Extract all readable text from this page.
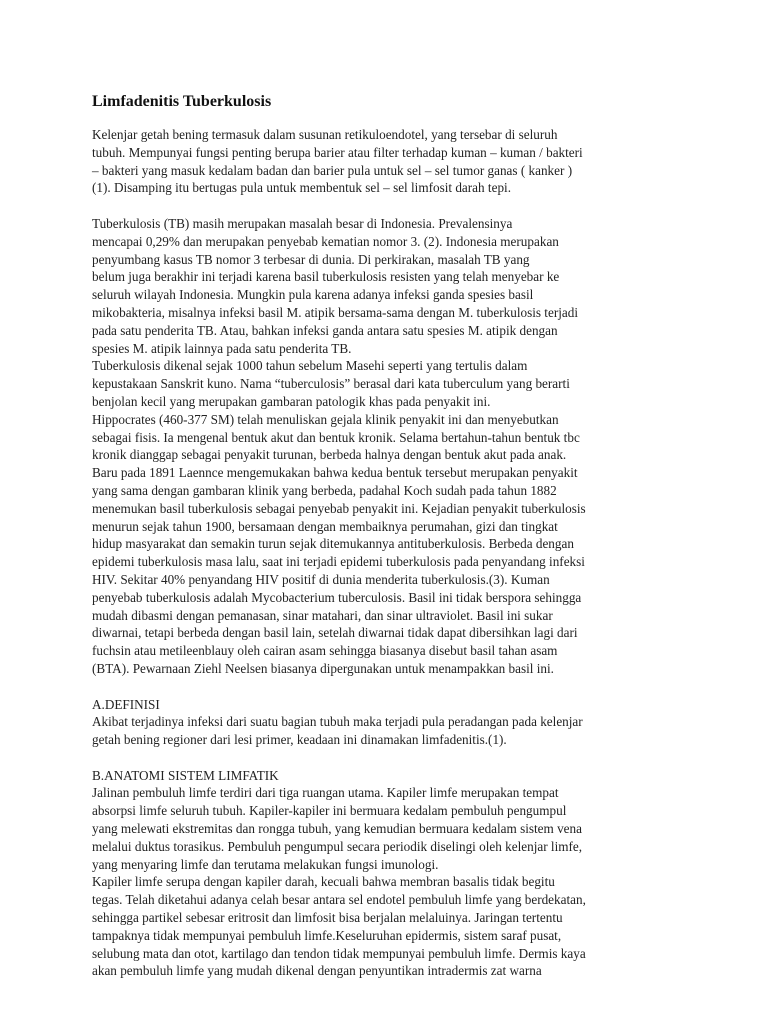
Limfadenitis Tuberkulosis
Kelenjar getah bening termasuk dalam susunan retikuloendotel, yang tersebar di seluruh
tubuh. Mempunyai fungsi penting berupa barier atau filter terhadap kuman – kuman / bakteri
– bakteri yang masuk kedalam badan dan barier pula untuk sel – sel tumor ganas ( kanker )
(1). Disamping itu bertugas pula untuk membentuk sel – sel limfosit darah tepi.
Tuberkulosis (TB) masih merupakan masalah besar di Indonesia. Prevalensinya
mencapai 0,29% dan merupakan penyebab kematian nomor 3. (2). Indonesia merupakan
penyumbang kasus TB nomor 3 terbesar di dunia. Di perkirakan, masalah TB yang
belum juga berakhir ini terjadi karena basil tuberkulosis resisten yang telah menyebar ke
seluruh wilayah Indonesia. Mungkin pula karena adanya infeksi ganda spesies basil
mikobakteria, misalnya infeksi basil M. atipik bersama-sama dengan M. tuberkulosis terjadi
pada satu penderita TB. Atau, bahkan infeksi ganda antara satu spesies M. atipik dengan
spesies M. atipik lainnya pada satu penderita TB.
Tuberkulosis dikenal sejak 1000 tahun sebelum Masehi seperti yang tertulis dalam
kepustakaan Sanskrit kuno. Nama “tuberculosis” berasal dari kata tuberculum yang berarti
benjolan kecil yang merupakan gambaran patologik khas pada penyakit ini.
Hippocrates (460-377 SM) telah menuliskan gejala klinik penyakit ini dan menyebutkan
sebagai fisis. Ia mengenal bentuk akut dan bentuk kronik. Selama bertahun-tahun bentuk tbc
kronik dianggap sebagai penyakit turunan, berbeda halnya dengan bentuk akut pada anak.
Baru pada 1891 Laennce mengemukakan bahwa kedua bentuk tersebut merupakan penyakit
yang sama dengan gambaran klinik yang berbeda, padahal Koch sudah pada tahun 1882
menemukan basil tuberkulosis sebagai penyebab penyakit ini. Kejadian penyakit tuberkulosis
menurun sejak tahun 1900, bersamaan dengan membaiknya perumahan, gizi dan tingkat
hidup masyarakat dan semakin turun sejak ditemukannya antituberkulosis. Berbeda dengan
epidemi tuberkulosis masa lalu, saat ini terjadi epidemi tuberkulosis pada penyandang infeksi
HIV. Sekitar 40% penyandang HIV positif di dunia menderita tuberkulosis.(3). Kuman
penyebab tuberkulosis adalah Mycobacterium tuberculosis. Basil ini tidak berspora sehingga
mudah dibasmi dengan pemanasan, sinar matahari, dan sinar ultraviolet. Basil ini sukar
diwarnai, tetapi berbeda dengan basil lain, setelah diwarnai tidak dapat dibersihkan lagi dari
fuchsin atau metileenblauy oleh cairan asam sehingga biasanya disebut basil tahan asam
(BTA). Pewarnaan Ziehl Neelsen biasanya dipergunakan untuk menampakkan basil ini.
A.DEFINISI
Akibat terjadinya infeksi dari suatu bagian tubuh maka terjadi pula peradangan pada kelenjar
getah bening regioner dari lesi primer, keadaan ini dinamakan limfadenitis.(1).
B.ANATOMI SISTEM LIMFATIK
Jalinan pembuluh limfe terdiri dari tiga ruangan utama. Kapiler limfe merupakan tempat
absorpsi limfe seluruh tubuh. Kapiler-kapiler ini bermuara kedalam pembuluh pengumpul
yang melewati ekstremitas dan rongga tubuh, yang kemudian bermuara kedalam sistem vena
melalui duktus torasikus. Pembuluh pengumpul secara periodik diselingi oleh kelenjar limfe,
yang menyaring limfe dan terutama melakukan fungsi imunologi.
Kapiler limfe serupa dengan kapiler darah, kecuali bahwa membran basalis tidak begitu
tegas. Telah diketahui adanya celah besar antara sel endotel pembuluh limfe yang berdekatan,
sehingga partikel sebesar eritrosit dan limfosit bisa berjalan melaluinya. Jaringan tertentu
tampaknya tidak mempunyai pembuluh limfe.Keseluruhan epidermis, sistem saraf pusat,
selubung mata dan otot, kartilago dan tendon tidak mempunyai pembuluh limfe. Dermis kaya
akan pembuluh limfe yang mudah dikenal dengan penyuntikan intradermis zat warna
